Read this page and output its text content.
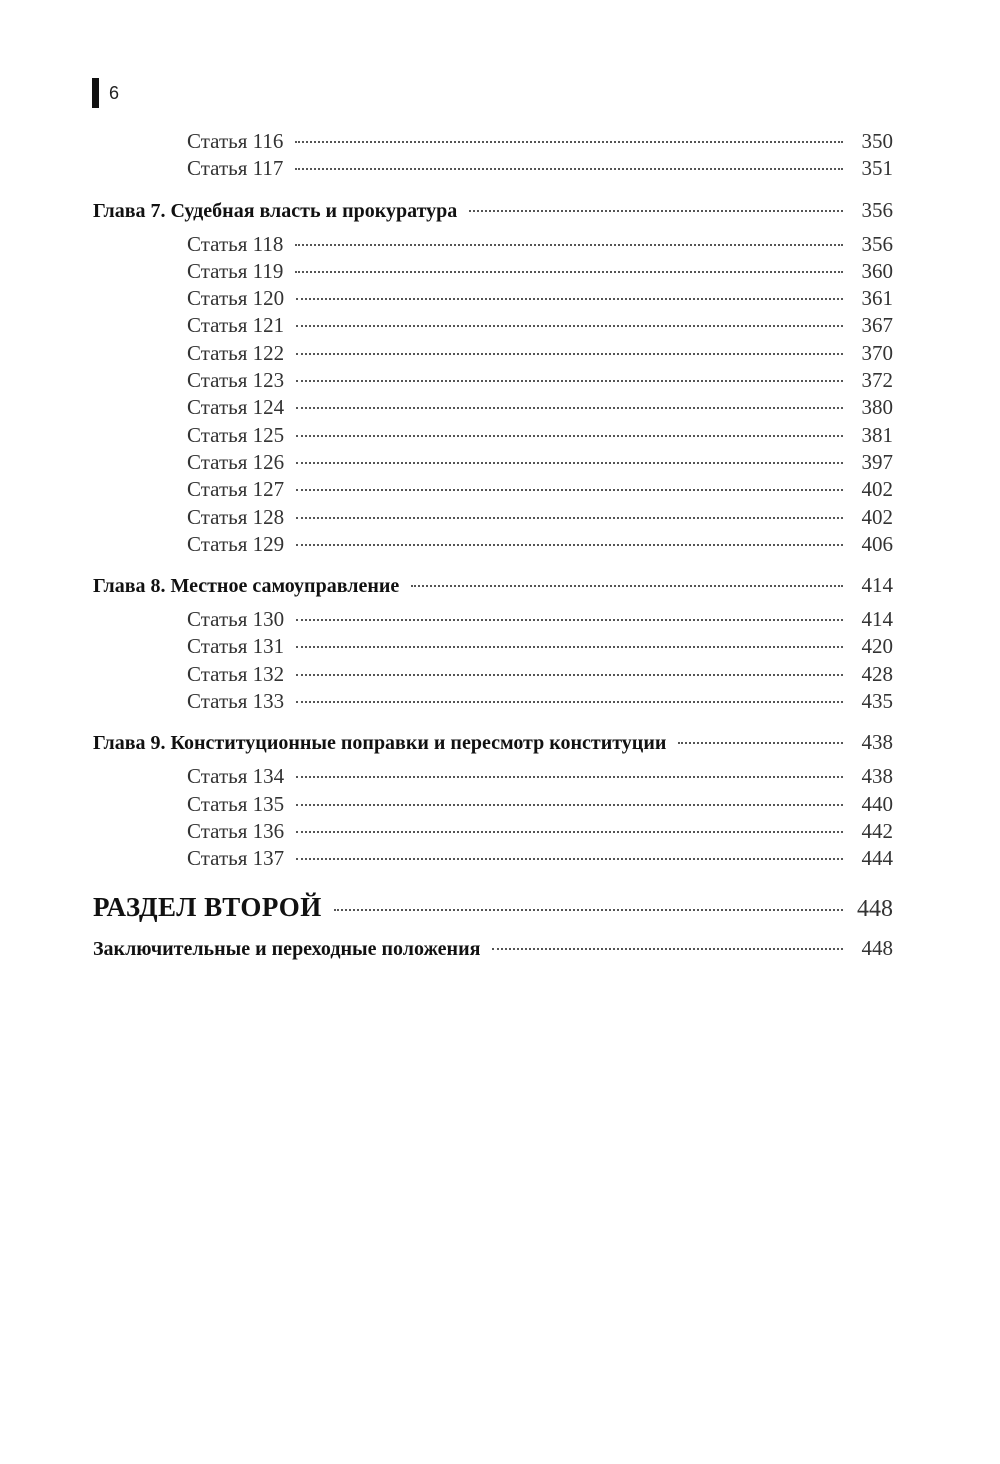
6
Статья 116	350
Статья 117	351
Глава 7. Судебная власть и прокуратура	356
Статья 118	356
Статья 119	360
Статья 120	361
Статья 121	367
Статья 122	370
Статья 123	372
Статья 124	380
Статья 125	381
Статья 126	397
Статья 127	402
Статья 128	402
Статья 129	406
Глава 8. Местное самоуправление	414
Статья 130	414
Статья 131	420
Статья 132	428
Статья 133	435
Глава 9. Конституционные поправки и пересмотр конституции	438
Статья 134	438
Статья 135	440
Статья 136	442
Статья 137	444
РАЗДЕЛ ВТОРОЙ	448
Заключительные и переходные положения	448
